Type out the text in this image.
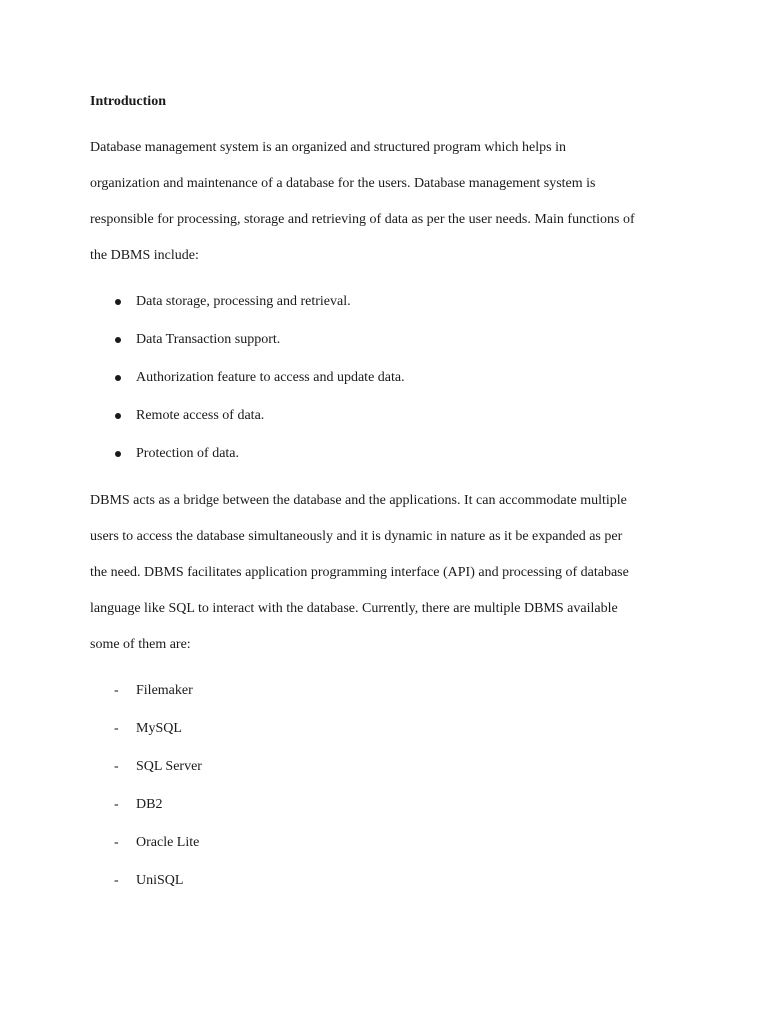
Introduction
Database management system is an organized and structured program which helps in
organization and maintenance of a database for the users. Database management system is
responsible for processing, storage and retrieving of data as per the user needs. Main functions of
the DBMS include:
Data storage, processing and retrieval.
Data Transaction support.
Authorization feature to access and update data.
Remote access of data.
Protection of data.
DBMS acts as a bridge between the database and the applications. It can accommodate multiple
users to access the database simultaneously and it is dynamic in nature as it be expanded as per
the need. DBMS facilitates application programming interface (API) and processing of database
language like SQL to interact with the database. Currently, there are multiple DBMS available
some of them are:
- Filemaker
- MySQL
- SQL Server
- DB2
- Oracle Lite
- UniSQL
